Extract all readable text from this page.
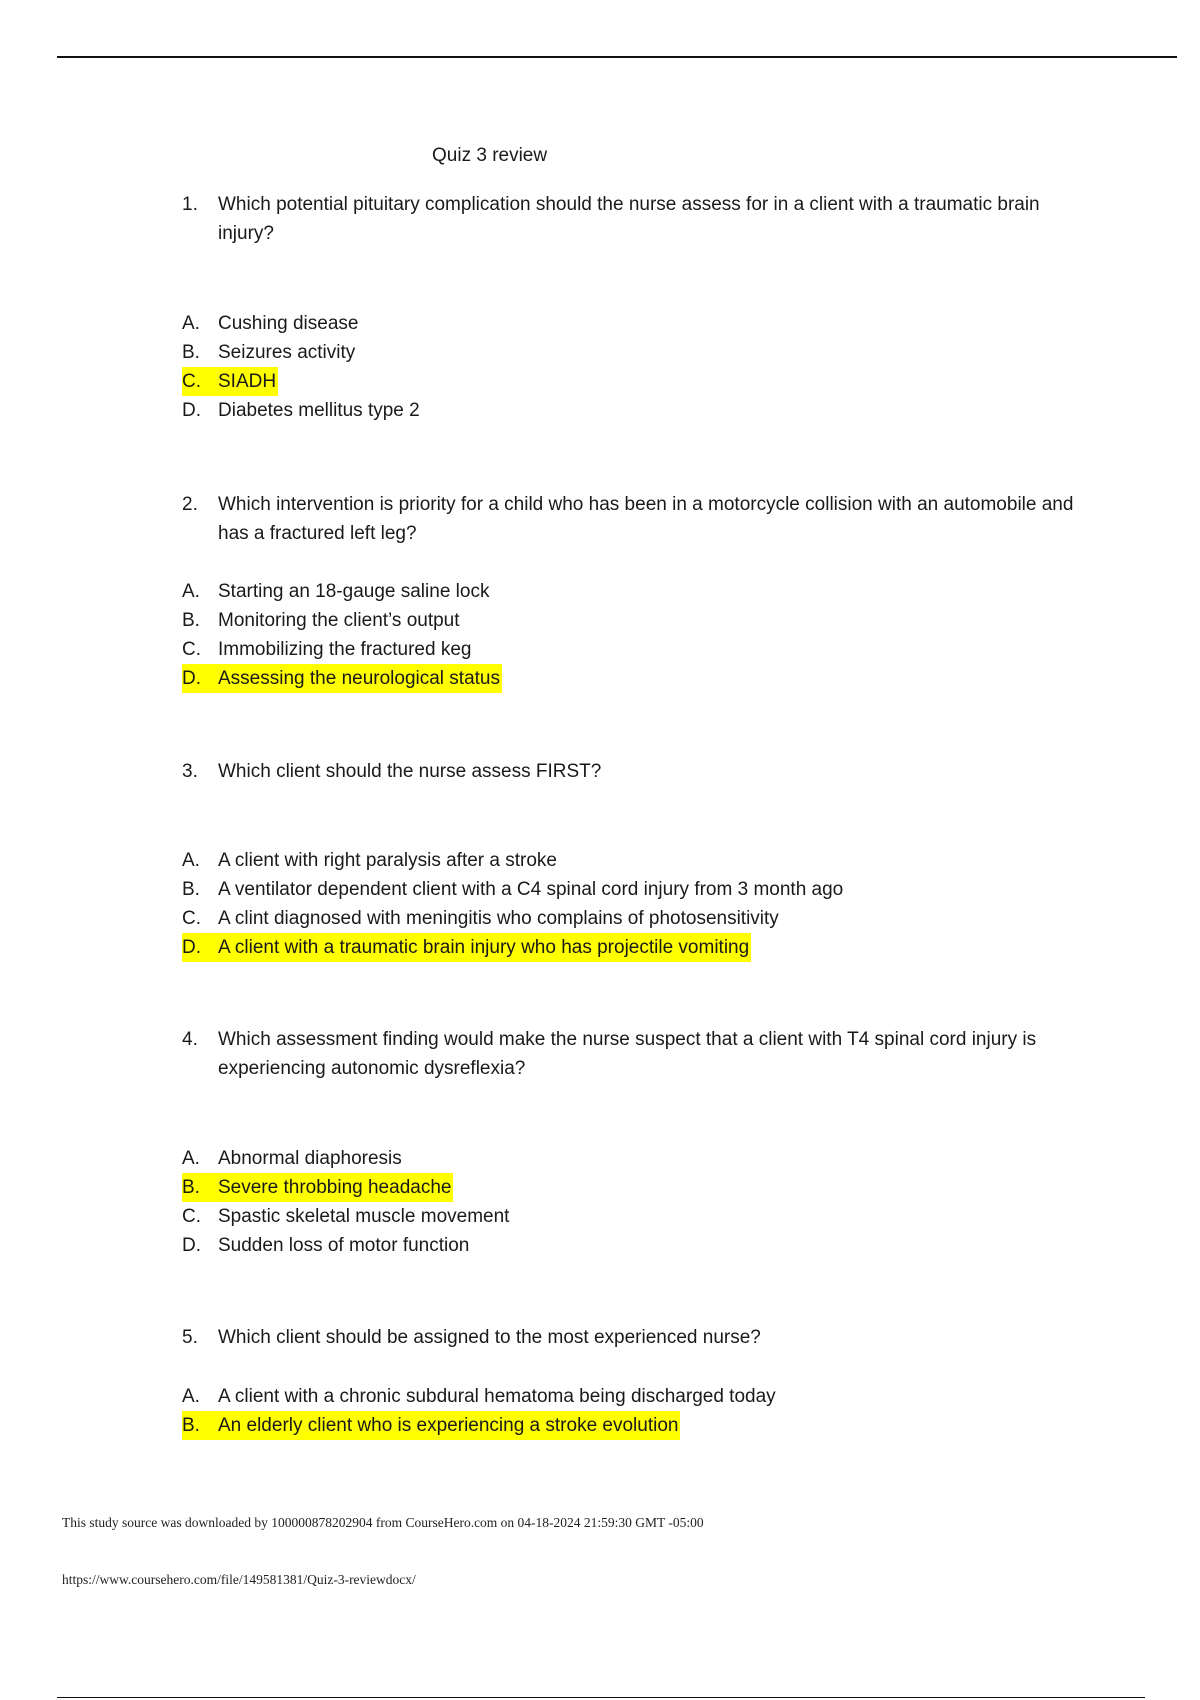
Quiz 3 review
1. Which potential pituitary complication should the nurse assess for in a client with a traumatic brain injury?
A. Cushing disease
B. Seizures activity
C. SIADH
D. Diabetes mellitus type 2
2. Which intervention is priority for a child who has been in a motorcycle collision with an automobile and has a fractured left leg?
A. Starting an 18-gauge saline lock
B. Monitoring the client’s output
C. Immobilizing the fractured keg
D. Assessing the neurological status
3. Which client should the nurse assess FIRST?
A. A client with right paralysis after a stroke
B. A ventilator dependent client with a C4 spinal cord injury from 3 month ago
C. A clint diagnosed with meningitis who complains of photosensitivity
D. A client with a traumatic brain injury who has projectile vomiting
4. Which assessment finding would make the nurse suspect that a client with T4 spinal cord injury is experiencing autonomic dysreflexia?
A. Abnormal diaphoresis
B. Severe throbbing headache
C. Spastic skeletal muscle movement
D. Sudden loss of motor function
5. Which client should be assigned to the most experienced nurse?
A. A client with a chronic subdural hematoma being discharged today
B. An elderly client who is experiencing a stroke evolution
This study source was downloaded by 100000878202904 from CourseHero.com on 04-18-2024 21:59:30 GMT -05:00
https://www.coursehero.com/file/149581381/Quiz-3-reviewdocx/
